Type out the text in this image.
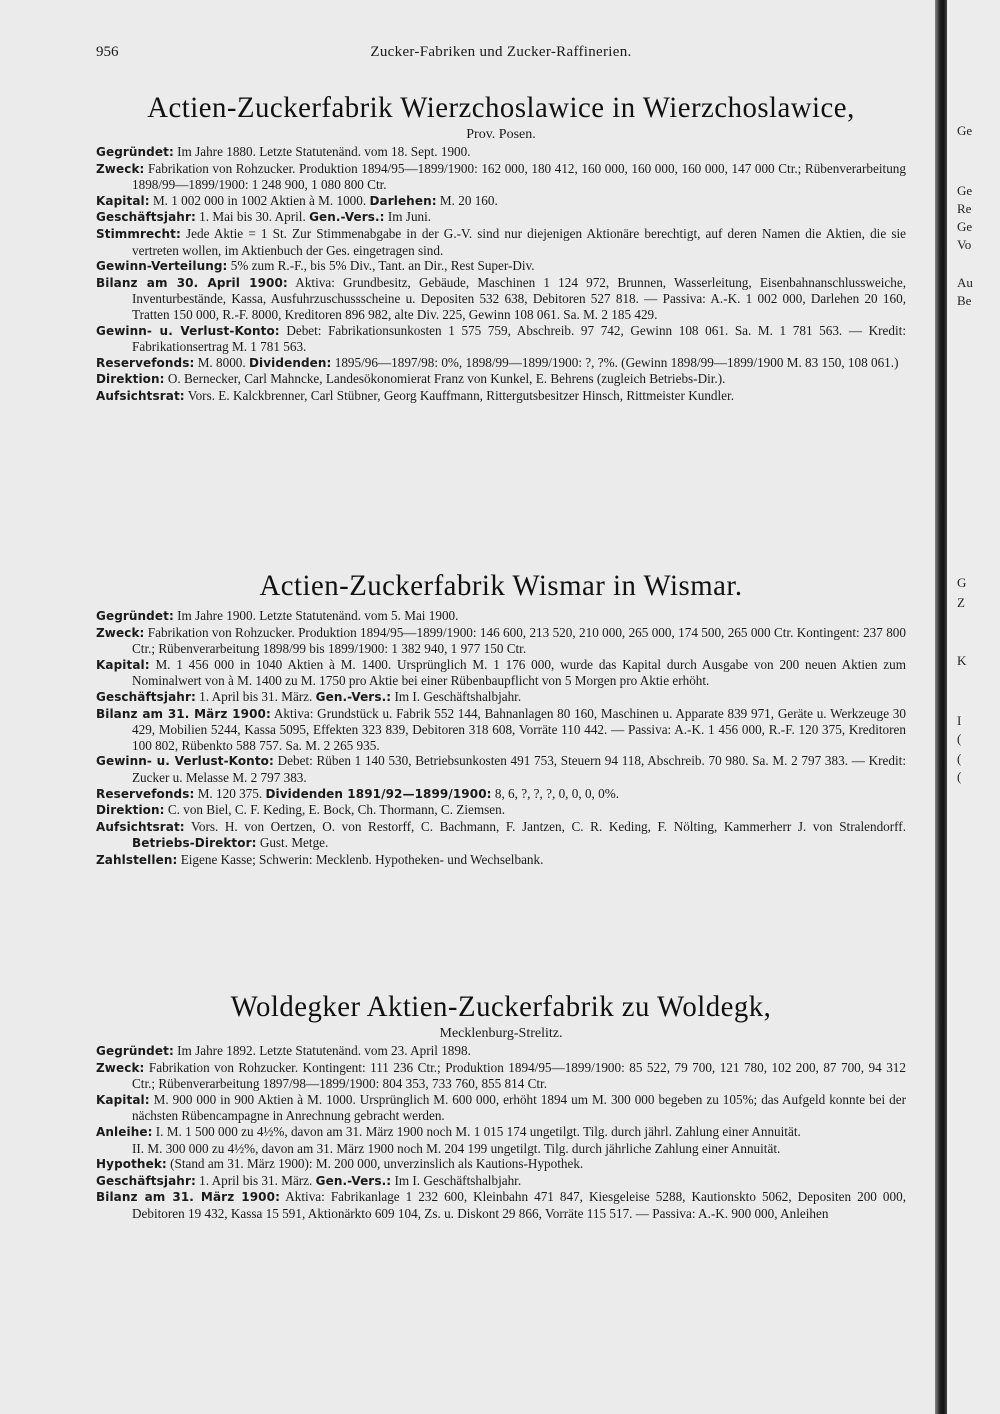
956	Zucker-Fabriken und Zucker-Raffinerien.
Actien-Zuckerfabrik Wierzchoslawice in Wierzchoslawice,
Prov. Posen.
Gegründet: Im Jahre 1880. Letzte Statutenänd. vom 18. Sept. 1900.
Zweck: Fabrikation von Rohzucker. Produktion 1894/95—1899/1900: 162 000, 180 412, 160 000, 160 000, 160 000, 147 000 Ctr.; Rübenverarbeitung 1898/99—1899/1900: 1 248 900, 1 080 800 Ctr.
Kapital: M. 1 002 000 in 1002 Aktien à M. 1000. Darlehen: M. 20 160.
Geschäftsjahr: 1. Mai bis 30. April. Gen.-Vers.: Im Juni.
Stimmrecht: Jede Aktie = 1 St. Zur Stimmenabgabe in der G.-V. sind nur diejenigen Aktionäre berechtigt, auf deren Namen die Aktien, die sie vertreten wollen, im Aktienbuch der Ges. eingetragen sind.
Gewinn-Verteilung: 5% zum R.-F., bis 5% Div., Tant. an Dir., Rest Super-Div.
Bilanz am 30. April 1900: Aktiva: Grundbesitz, Gebäude, Maschinen 1 124 972, Brunnen, Wasserleitung, Eisenbahnanschlussweiche, Inventurbestände, Kassa, Ausfuhrzuschussscheine u. Depositen 532 638, Debitoren 527 818. — Passiva: A.-K. 1 002 000, Darlehen 20 160, Tratten 150 000, R.-F. 8000, Kreditoren 896 982, alte Div. 225, Gewinn 108 061. Sa. M. 2 185 429.
Gewinn- u. Verlust-Konto: Debet: Fabrikationsunkosten 1 575 759, Abschreib. 97 742, Gewinn 108 061. Sa. M. 1 781 563. — Kredit: Fabrikationsertrag M. 1 781 563.
Reservefonds: M. 8000. Dividenden: 1895/96—1897/98: 0%, 1898/99—1899/1900: ?, ?%. (Gewinn 1898/99—1899/1900 M. 83 150, 108 061.)
Direktion: O. Bernecker, Carl Mahncke, Landesökonomierat Franz von Kunkel, E. Behrens (zugleich Betriebs-Dir.).
Aufsichtsrat: Vors. E. Kalckbrenner, Carl Stübner, Georg Kauffmann, Rittergutsbesitzer Hinsch, Rittmeister Kundler.
Actien-Zuckerfabrik Wismar in Wismar.
Gegründet: Im Jahre 1900. Letzte Statutenänd. vom 5. Mai 1900.
Zweck: Fabrikation von Rohzucker. Produktion 1894/95—1899/1900: 146 600, 213 520, 210 000, 265 000, 174 500, 265 000 Ctr. Kontingent: 237 800 Ctr.; Rübenverarbeitung 1898/99 bis 1899/1900: 1 382 940, 1 977 150 Ctr.
Kapital: M. 1 456 000 in 1040 Aktien à M. 1400. Ursprünglich M. 1 176 000, wurde das Kapital durch Ausgabe von 200 neuen Aktien zum Nominalwert von à M. 1400 zu M. 1750 pro Aktie bei einer Rübenbaupflicht von 5 Morgen pro Aktie erhöht.
Geschäftsjahr: 1. April bis 31. März. Gen.-Vers.: Im I. Geschäftshalbjahr.
Bilanz am 31. März 1900: Aktiva: Grundstück u. Fabrik 552 144, Bahnanlagen 80 160, Maschinen u. Apparate 839 971, Geräte u. Werkzeuge 30 429, Mobilien 5244, Kassa 5095, Effekten 323 839, Debitoren 318 608, Vorräte 110 442. — Passiva: A.-K. 1 456 000, R.-F. 120 375, Kreditoren 100 802, Rübenkto 588 757. Sa. M. 2 265 935.
Gewinn- u. Verlust-Konto: Debet: Rüben 1 140 530, Betriebsunkosten 491 753, Steuern 94 118, Abschreib. 70 980. Sa. M. 2 797 383. — Kredit: Zucker u. Melasse M. 2 797 383.
Reservefonds: M. 120 375. Dividenden 1891/92—1899/1900: 8, 6, ?, ?, ?, 0, 0, 0, 0%.
Direktion: C. von Biel, C. F. Keding, E. Bock, Ch. Thormann, C. Ziemsen.
Aufsichtsrat: Vors. H. von Oertzen, O. von Restorff, C. Bachmann, F. Jantzen, C. R. Keding, F. Nölting, Kammerherr J. von Stralendorff. Betriebs-Direktor: Gust. Metge.
Zahlstellen: Eigene Kasse; Schwerin: Mecklenb. Hypotheken- und Wechselbank.
Woldegker Aktien-Zuckerfabrik zu Woldegk,
Mecklenburg-Strelitz.
Gegründet: Im Jahre 1892. Letzte Statutenänd. vom 23. April 1898.
Zweck: Fabrikation von Rohzucker. Kontingent: 111 236 Ctr.; Produktion 1894/95—1899/1900: 85 522, 79 700, 121 780, 102 200, 87 700, 94 312 Ctr.; Rübenverarbeitung 1897/98—1899/1900: 804 353, 733 760, 855 814 Ctr.
Kapital: M. 900 000 in 900 Aktien à M. 1000. Ursprünglich M. 600 000, erhöht 1894 um M. 300 000 begeben zu 105%; das Aufgeld konnte bei der nächsten Rübencampagne in Anrechnung gebracht werden.
Anleihe: I. M. 1 500 000 zu 4½%, davon am 31. März 1900 noch M. 1 015 174 ungetilgt. Tilg. durch jährl. Zahlung einer Annuität.
II. M. 300 000 zu 4½%, davon am 31. März 1900 noch M. 204 199 ungetilgt. Tilg. durch jährliche Zahlung einer Annuität.
Hypothek: (Stand am 31. März 1900): M. 200 000, unverzinslich als Kautions-Hypothek.
Geschäftsjahr: 1. April bis 31. März. Gen.-Vers.: Im I. Geschäftshalbjahr.
Bilanz am 31. März 1900: Aktiva: Fabrikanlage 1 232 600, Kleinbahn 471 847, Kiesgeleise 5288, Kautionskto 5062, Depositen 200 000, Debitoren 19 432, Kassa 15 591, Aktionärkto 609 104, Zs. u. Diskont 29 866, Vorräte 115 517. — Passiva: A.-K. 900 000, Anleihen
Ge
Ge
Re
Ge
Vo
Au
Be
G
Z
K
I
(
(
(
